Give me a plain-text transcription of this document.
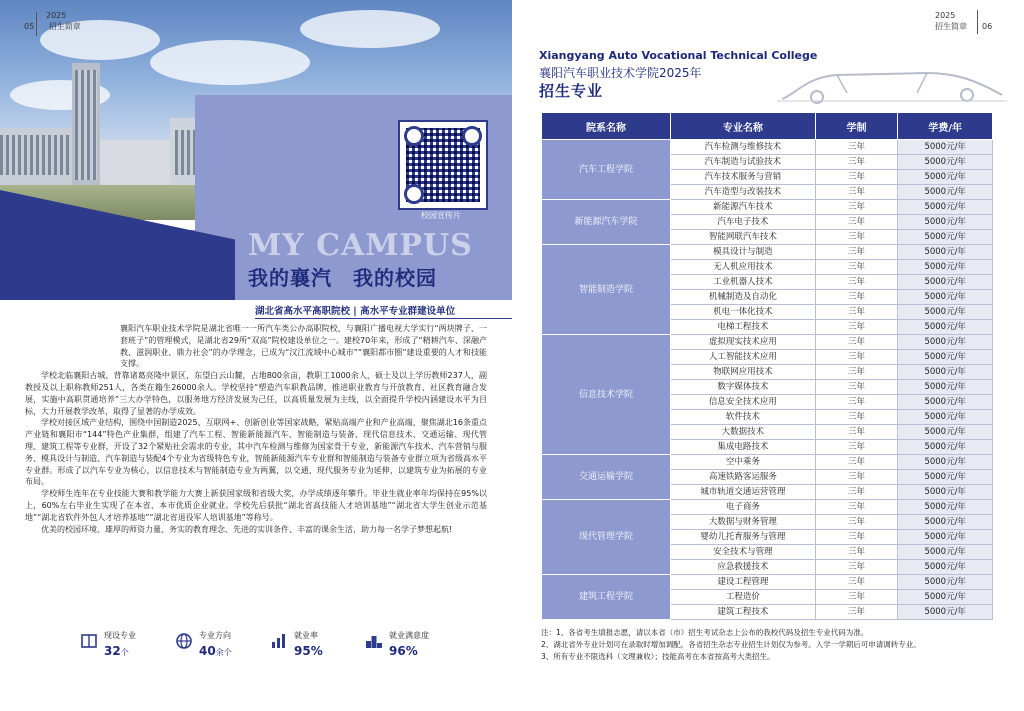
校园宣传片
MY CAMPUS
我的襄汽　我的校园
2025
05 招生简章
湖北省高水平高职院校 | 高水平专业群建设单位

襄阳汽车职业技术学院是湖北省唯一一所汽车类公办高职院校，与襄阳广播电视大学实行“两块牌子、一套班子”的管理模式，是湖北省29所“双高”院校建设单位之一。建校70年来，形成了“精耕汽车、深融产教、滋润职业、鼎力社会”的办学理念，已成为“汉江流域中心城市”“襄阳都市圈”建设重要的人才和技能支撑。

学校北临襄阳古城，背靠诸葛亮隆中景区，东望白云山麓，占地800余亩，教职工1000余人，硕士及以上学历教师237人，副教授及以上职称教师251人，各类在籍生26000余人。学校坚持“塑造汽车职教品牌，推进职业教育与开放教育、社区教育融合发展，实施中高职贯通培养”三大办学特色，以服务地方经济发展为己任，以高质量发展为主线，以全面提升学校内涵建设水平为目标，大力开展教学改革，取得了显著的办学成效。

学校对接区域产业结构，围绕中国制造2025、互联网+、创新创业等国家战略，紧贴高端产业和产业高端，聚焦湖北16条重点产业链和襄阳市“144”特色产业集群，组建了汽车工程、智能新能源汽车、智能制造与装备、现代信息技术、交通运输、现代管理、建筑工程等专业群，开设了32个紧贴社会需求的专业，其中汽车检测与维修为国家骨干专业，新能源汽车技术、汽车营销与服务、模具设计与制造、汽车制造与装配4个专业为省级特色专业，智能新能源汽车专业群和智能制造与装备专业群立项为省级高水平专业群。形成了以汽车专业为核心，以信息技术与智能制造专业为两翼，以交通、现代服务专业为延伸，以建筑专业为拓展的专业布局。

学校师生连年在专业技能大赛和教学能力大赛上新获国家级和省级大奖，办学成绩逐年攀升。毕业生就业率年均保持在95%以上，60%左右毕业生实现了在本省、本市优质企业就业。学校先后获批“湖北省高技能人才培训基地”“湖北省大学生创业示范基地”“湖北省软件外包人才培养基地”“湖北省退役军人培训基地”等称号。

优美的校园环境、雄厚的师资力量、务实的教育理念、先进的实训条件、丰富的课余生活，助力每一名学子梦想起航!

现设专业
32个
专业方向
40余个
就业率
95%
就业满意度
96%
2025
招生简章 06
Xiangyang Auto Vocational Technical College
襄阳汽车职业技术学院2025年
招生专业
院系名称	专业名称	学制	学费/年
汽车工程学院	汽车检测与维修技术	三年	5000元/年
	汽车制造与试验技术	三年	5000元/年
	汽车技术服务与营销	三年	5000元/年
	汽车造型与改装技术	三年	5000元/年
新能源汽车学院	新能源汽车技术	三年	5000元/年
	汽车电子技术	三年	5000元/年
	智能网联汽车技术	三年	5000元/年
智能制造学院	模具设计与制造	三年	5000元/年
	无人机应用技术	三年	5000元/年
	工业机器人技术	三年	5000元/年
	机械制造及自动化	三年	5000元/年
	机电一体化技术	三年	5000元/年
	电梯工程技术	三年	5000元/年
信息技术学院	虚拟现实技术应用	三年	5000元/年
	人工智能技术应用	三年	5000元/年
	物联网应用技术	三年	5000元/年
	数字媒体技术	三年	5000元/年
	信息安全技术应用	三年	5000元/年
	软件技术	三年	5000元/年
	大数据技术	三年	5000元/年
	集成电路技术	三年	5000元/年
交通运输学院	空中乘务	三年	5000元/年
	高速铁路客运服务	三年	5000元/年
	城市轨道交通运营管理	三年	5000元/年
现代管理学院	电子商务	三年	5000元/年
	大数据与财务管理	三年	5000元/年
	婴幼儿托育服务与管理	三年	5000元/年
	安全技术与管理	三年	5000元/年
	应急救援技术	三年	5000元/年
建筑工程学院	建设工程管理	三年	5000元/年
	工程造价	三年	5000元/年
	建筑工程技术	三年	5000元/年
注：1、各省考生填报志愿，请以本省（市）招生考试杂志上公布的我校代码及招生专业代码为准。
2、湖北省外专业计划可在录取时增加调配，各省招生杂志专业招生计划仅为参考。入学一学期后可申请调转专业。
3、所有专业不限选科（文理兼收）；技能高考在本省按高考大类招生。
